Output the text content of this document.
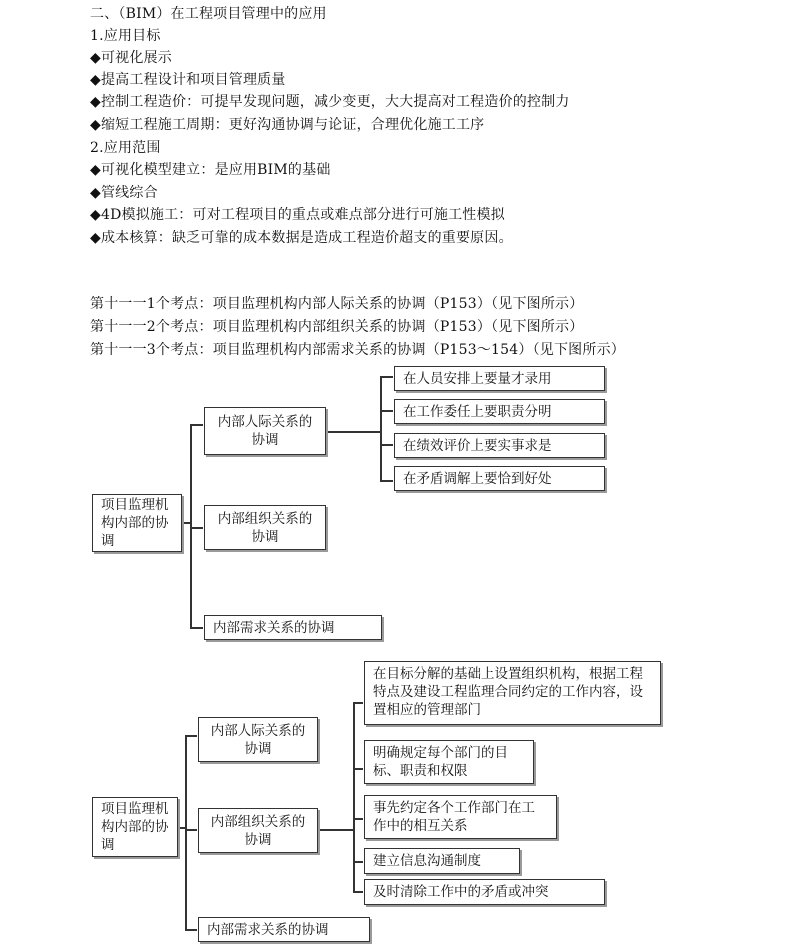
二、（BIM）在工程项目管理中的应用
1.应用目标
◆可视化展示
◆提高工程设计和项目管理质量
◆控制工程造价：可提早发现问题，减少变更，大大提高对工程造价的控制力
◆缩短工程施工周期：更好沟通协调与论证，合理优化施工工序
2.应用范围
◆可视化模型建立：是应用BIM的基础
◆管线综合
◆4D模拟施工：可对工程项目的重点或难点部分进行可施工性模拟
◆成本核算：缺乏可靠的成本数据是造成工程造价超支的重要原因。
第十一一1个考点：项目监理机构内部人际关系的协调（P153）（见下图所示）
第十一一2个考点：项目监理机构内部组织关系的协调（P153）（见下图所示）
第十一一3个考点：项目监理机构内部需求关系的协调（P153～154）（见下图所示）
项目监理机构内部的协调
内部人际关系的协调
内部组织关系的协调
内部需求关系的协调
在人员安排上要量才录用
在工作委任上要职责分明
在绩效评价上要实事求是
在矛盾调解上要恰到好处
项目监理机构内部的协调
内部人际关系的协调
内部组织关系的协调
内部需求关系的协调
在目标分解的基础上设置组织机构，根据工程特点及建设工程监理合同约定的工作内容，设置相应的管理部门
明确规定每个部门的目标、职责和权限
事先约定各个工作部门在工作中的相互关系
建立信息沟通制度
及时清除工作中的矛盾或冲突
